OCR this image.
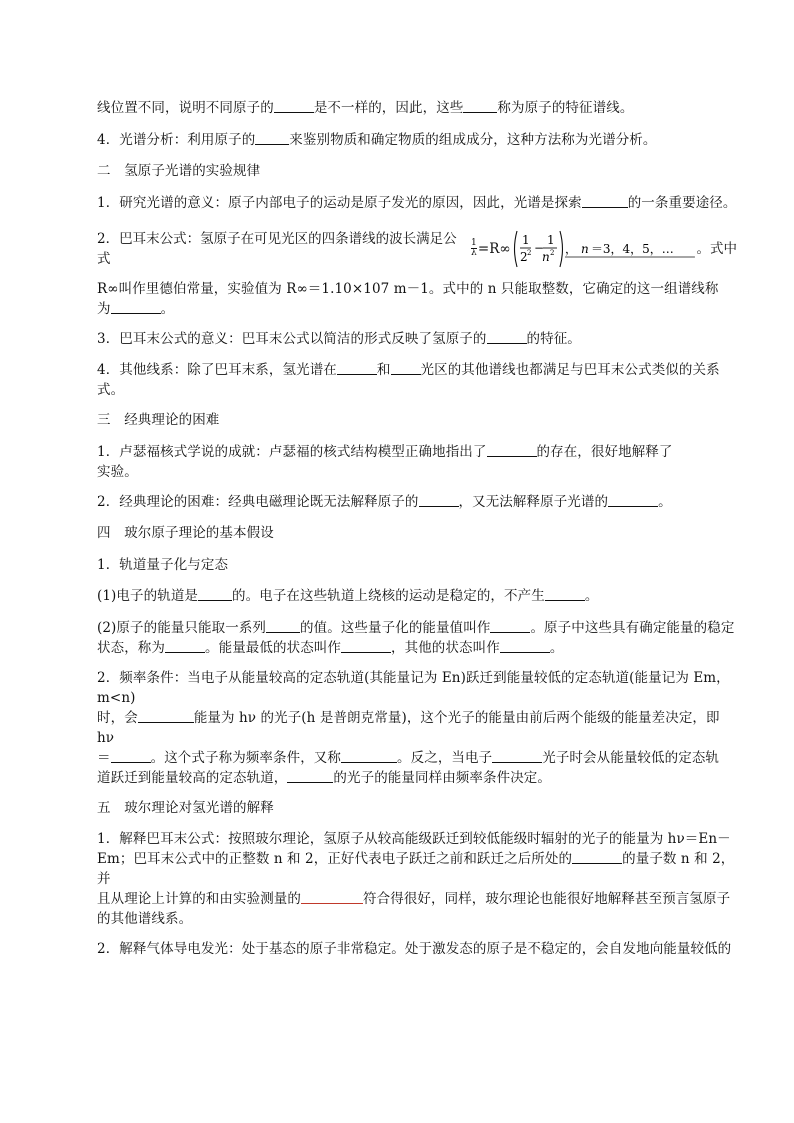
线位置不同，说明不同原子的	是不一样的，因此，这些	称为原子的特征谱线。

4．光谱分析：利用原子的	来鉴别物质和确定物质的组成成分，这种方法称为光谱分析。

二　氢原子光谱的实验规律

1．研究光谱的意义：原子内部电子的运动是原子发光的原因，因此，光谱是探索	的一条重要途径。

2．巴耳末公式：氢原子在可见光区的四条谱线的波长满足公式
$\frac{1}{\lambda} =R\infty$
1
2 2 −
1
n 2 ， n ＝3，4，5，… 。式中

R∞叫作里德伯常量，实验值为 R∞＝1.10×107 m－1。式中的 n 只能取整数，它确定的这一组谱线称
为	。

3．巴耳末公式的意义：巴耳末公式以简洁的形式反映了氢原子的	的特征。

4．其他线系：除了巴耳末系，氢光谱在	和 光区的其他谱线也都满足与巴耳末公式类似的关系
式。

三　经典理论的困难

1．卢瑟福核式学说的成就：卢瑟福的核式结构模型正确地指出了	的存在，很好地解释了
实验。

2．经典理论的困难：经典电磁理论既无法解释原子的	，又无法解释原子光谱的	。

四　玻尔原子理论的基本假设

1．轨道量子化与定态

(1)电子的轨道是	的。电子在这些轨道上绕核的运动是稳定的，不产生	。

(2)原子的能量只能取一系列	的值。这些量子化的能量值叫作	。原子中这些具有确定能量的稳定
状态，称为	。能量最低的状态叫作	，其他的状态叫作	。

2．频率条件：当电子从能量较高的定态轨道(其能量记为 En)跃迁到能量较低的定态轨道(能量记为 Em，m<n)
时，会	能量为 hν 的光子(h 是普朗克常量)，这个光子的能量由前后两个能级的能量差决定，即 hν
＝	。这个式子称为频率条件，又称	。反之，当电子	光子时会从能量较低的定态轨
道跃迁到能量较高的定态轨道，	的光子的能量同样由频率条件决定。

五　玻尔理论对氢光谱的解释

1．解释巴耳末公式：按照玻尔理论，氢原子从较高能级跃迁到较低能级时辐射的光子的能量为 hν＝En－
Em；巴耳末公式中的正整数 n 和 2，正好代表电子跃迁之前和跃迁之后所处的	的量子数 n 和 2，并
且从理论上计算的和由实验测量的	符合得很好，同样，玻尔理论也能很好地解释甚至预言氢原子
的其他谱线系。

2．解释气体导电发光：处于基态的原子非常稳定。处于激发态的原子是不稳定的，会自发地向能量较低的
